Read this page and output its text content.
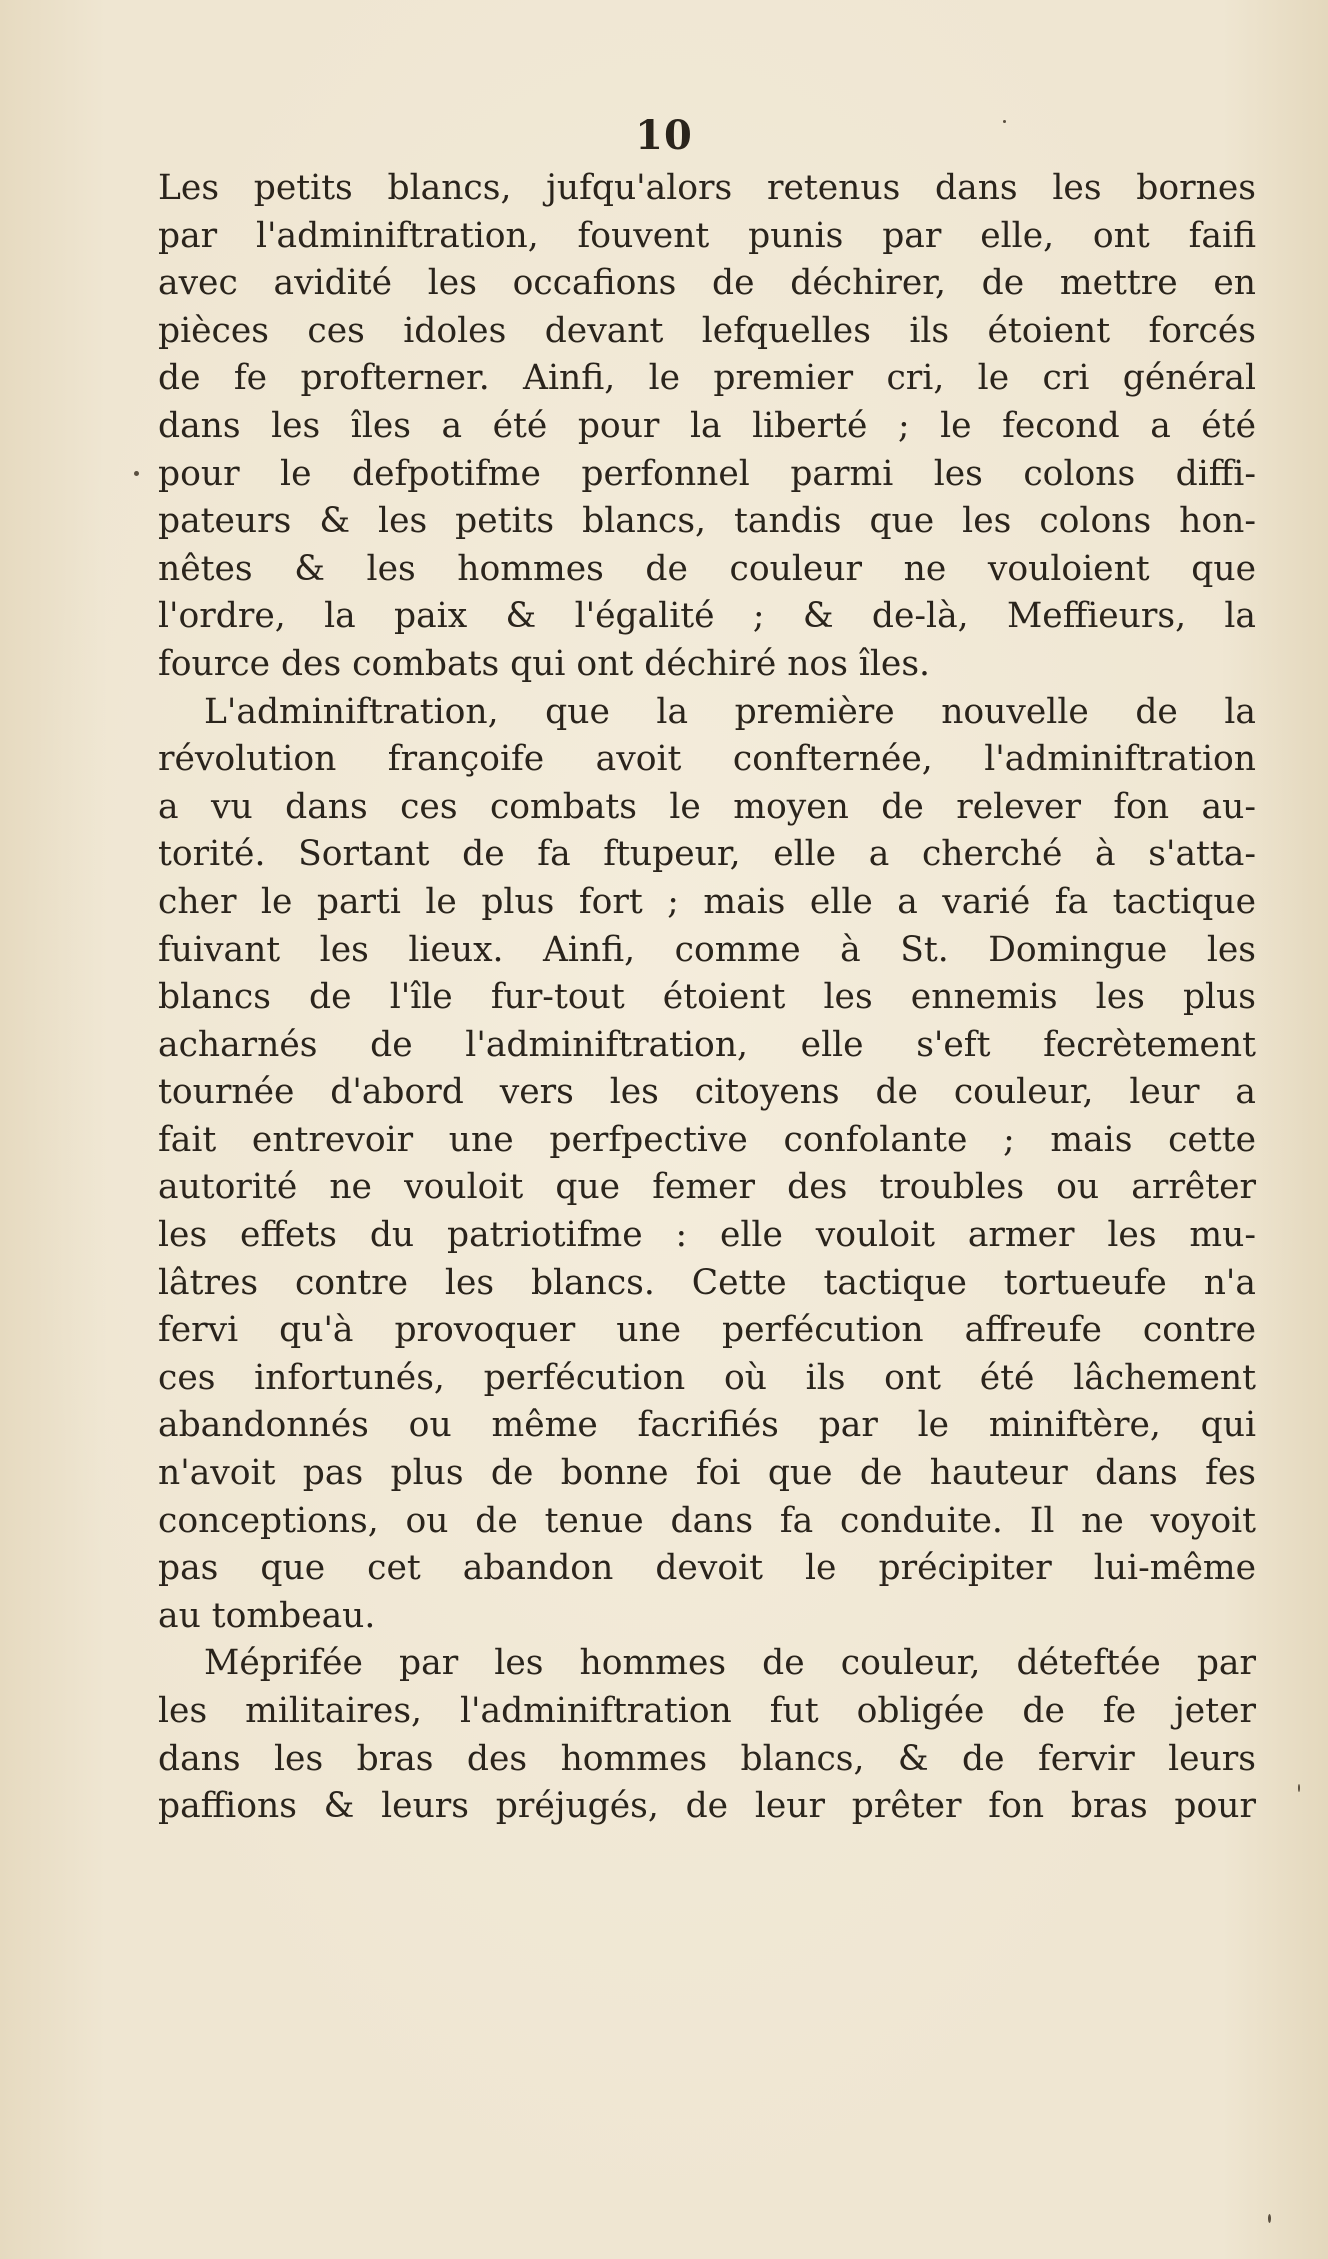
10
Les petits blancs, jufqu'alors retenus dans les bornes
par l'adminiftration, fouvent punis par elle, ont faifi
avec avidité les occafions de déchirer, de mettre en
pièces ces idoles devant lefquelles ils étoient forcés
de fe profterner. Ainfi, le premier cri, le cri général
dans les îles a été pour la liberté ; le fecond a été
pour le defpotifme perfonnel parmi les colons diffi-
pateurs & les petits blancs, tandis que les colons hon-
nêtes & les hommes de couleur ne vouloient que
l'ordre, la paix & l'égalité ; & de-là, Meffieurs, la
fource des combats qui ont déchiré nos îles.
L'adminiftration, que la première nouvelle de la
révolution françoife avoit confternée, l'adminiftration
a vu dans ces combats le moyen de relever fon au-
torité. Sortant de fa ftupeur, elle a cherché à s'atta-
cher le parti le plus fort ; mais elle a varié fa tactique
fuivant les lieux. Ainfi, comme à St. Domingue les
blancs de l'île fur-tout étoient les ennemis les plus
acharnés de l'adminiftration, elle s'eft fecrètement
tournée d'abord vers les citoyens de couleur, leur a
fait entrevoir une perfpective confolante ; mais cette
autorité ne vouloit que femer des troubles ou arrêter
les effets du patriotifme : elle vouloit armer les mu-
lâtres contre les blancs. Cette tactique tortueufe n'a
fervi qu'à provoquer une perfécution affreufe contre
ces infortunés, perfécution où ils ont été lâchement
abandonnés ou même facrifiés par le miniftère, qui
n'avoit pas plus de bonne foi que de hauteur dans fes
conceptions, ou de tenue dans fa conduite. Il ne voyoit
pas que cet abandon devoit le précipiter lui-même
au tombeau.
Méprifée par les hommes de couleur, déteftée par
les militaires, l'adminiftration fut obligée de fe jeter
dans les bras des hommes blancs, & de fervir leurs
paffions & leurs préjugés, de leur prêter fon bras pour
